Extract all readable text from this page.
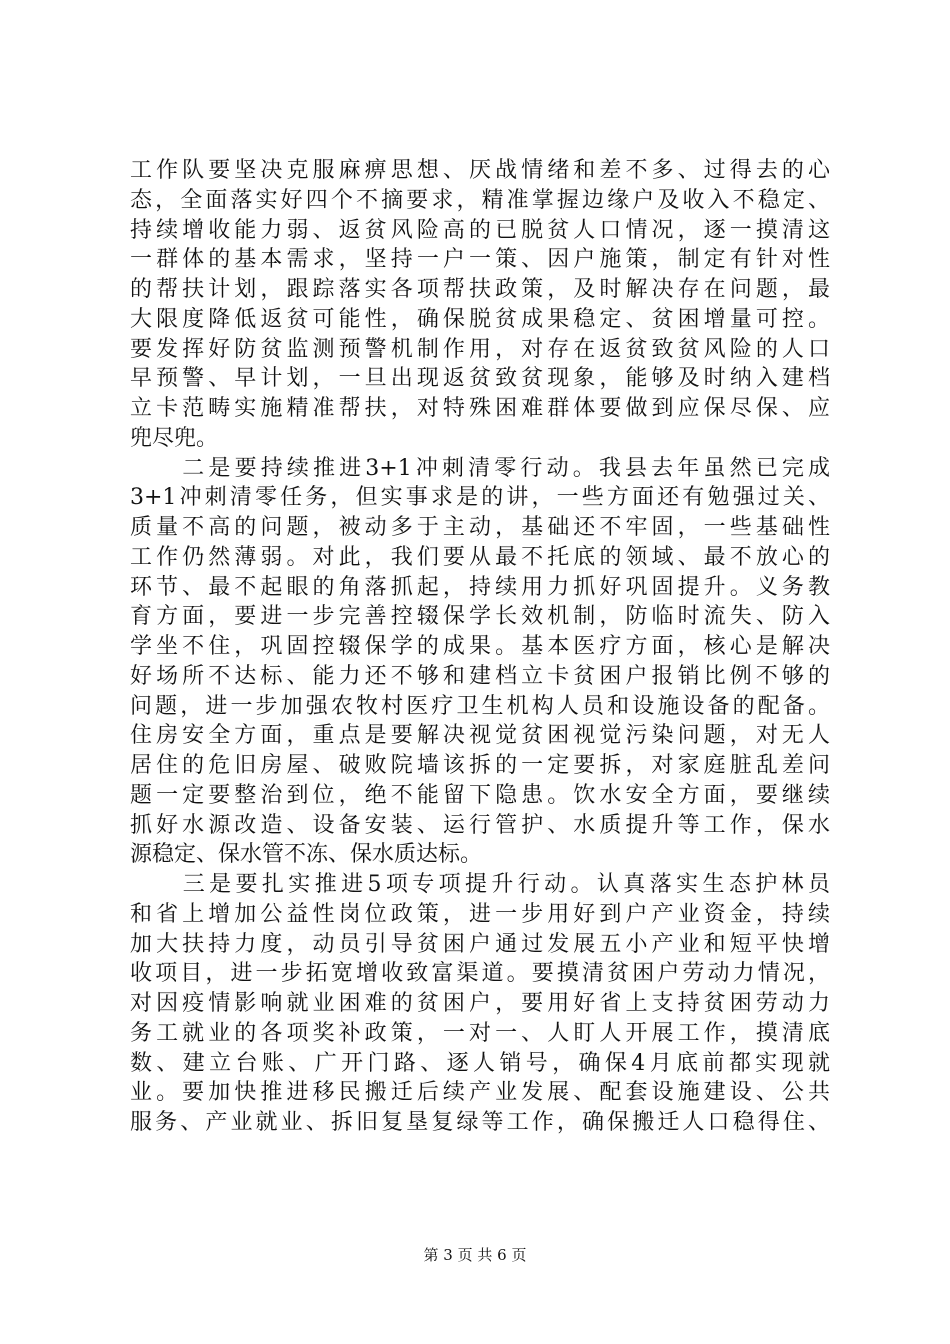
工作队要坚决克服麻痹思想、厌战情绪和差不多、过得去的心
态，全面落实好四个不摘要求，精准掌握边缘户及收入不稳定、
持续增收能力弱、返贫风险高的已脱贫人口情况，逐一摸清这
一群体的基本需求，坚持一户一策、因户施策，制定有针对性
的帮扶计划，跟踪落实各项帮扶政策，及时解决存在问题，最
大限度降低返贫可能性，确保脱贫成果稳定、贫困增量可控。
要发挥好防贫监测预警机制作用，对存在返贫致贫风险的人口
早预警、早计划，一旦出现返贫致贫现象，能够及时纳入建档
立卡范畴实施精准帮扶，对特殊困难群体要做到应保尽保、应
兜尽兜。
　　二是要持续推进3+1冲刺清零行动。我县去年虽然已完成
3+1冲刺清零任务，但实事求是的讲，一些方面还有勉强过关、
质量不高的问题，被动多于主动，基础还不牢固，一些基础性
工作仍然薄弱。对此，我们要从最不托底的领域、最不放心的
环节、最不起眼的角落抓起，持续用力抓好巩固提升。义务教
育方面，要进一步完善控辍保学长效机制，防临时流失、防入
学坐不住，巩固控辍保学的成果。基本医疗方面，核心是解决
好场所不达标、能力还不够和建档立卡贫困户报销比例不够的
问题，进一步加强农牧村医疗卫生机构人员和设施设备的配备。
住房安全方面，重点是要解决视觉贫困视觉污染问题，对无人
居住的危旧房屋、破败院墙该拆的一定要拆，对家庭脏乱差问
题一定要整治到位，绝不能留下隐患。饮水安全方面，要继续
抓好水源改造、设备安装、运行管护、水质提升等工作，保水
源稳定、保水管不冻、保水质达标。
　　三是要扎实推进5项专项提升行动。认真落实生态护林员
和省上增加公益性岗位政策，进一步用好到户产业资金，持续
加大扶持力度，动员引导贫困户通过发展五小产业和短平快增
收项目，进一步拓宽增收致富渠道。要摸清贫困户劳动力情况，
对因疫情影响就业困难的贫困户，要用好省上支持贫困劳动力
务工就业的各项奖补政策，一对一、人盯人开展工作，摸清底
数、建立台账、广开门路、逐人销号，确保4月底前都实现就
业。要加快推进移民搬迁后续产业发展、配套设施建设、公共
服务、产业就业、拆旧复垦复绿等工作，确保搬迁人口稳得住、
第 3 页 共 6 页
